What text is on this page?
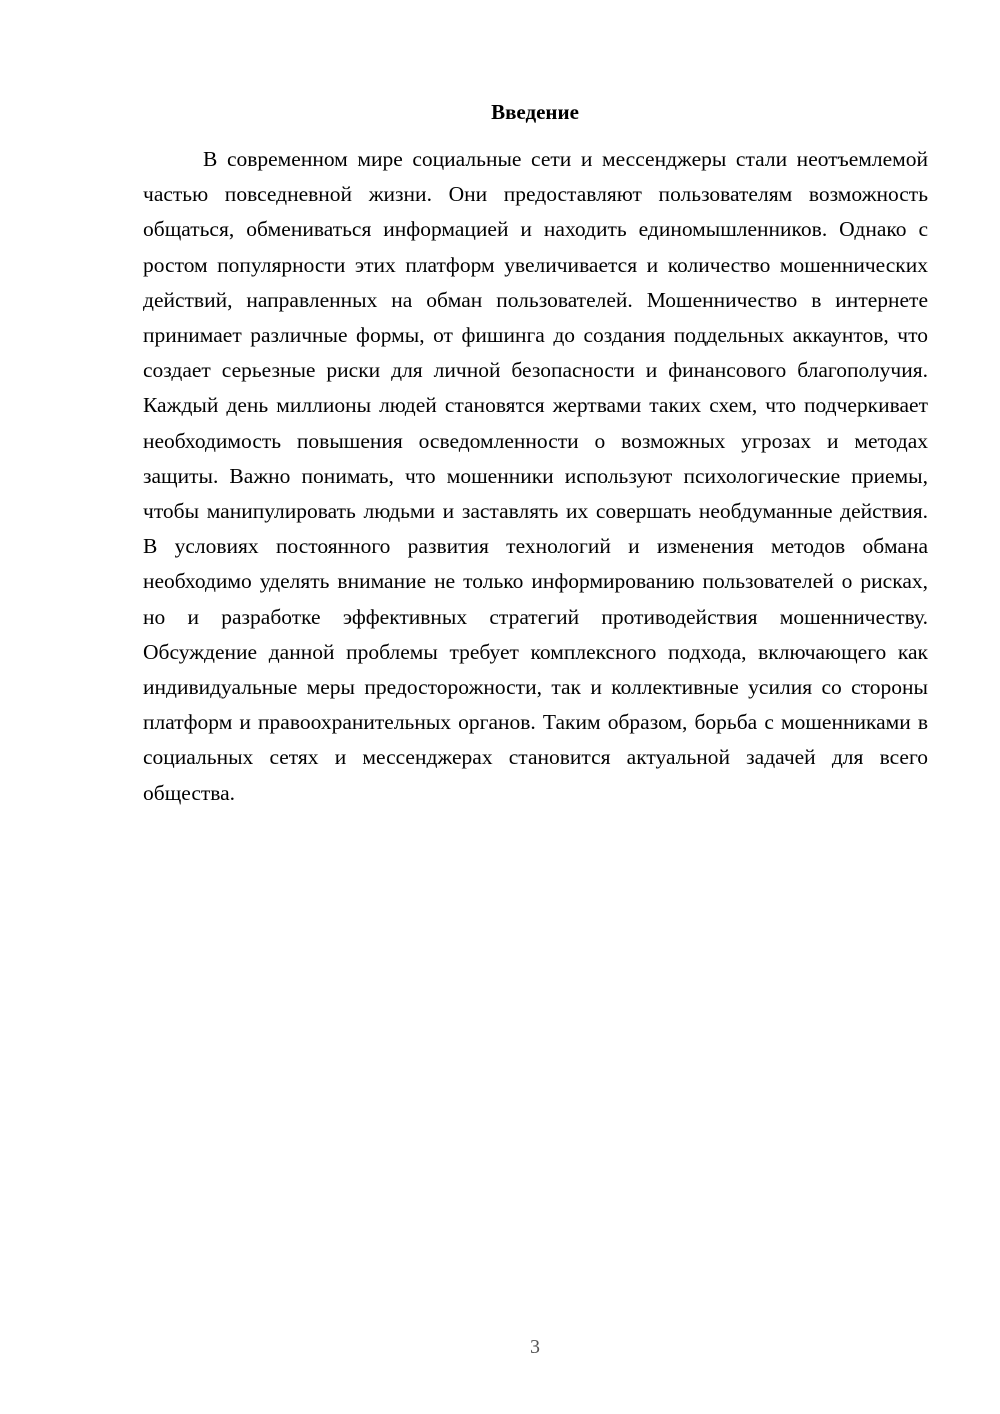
Введение

В современном мире социальные сети и мессенджеры стали неотъемлемой частью повседневной жизни. Они предоставляют пользователям возможность общаться, обмениваться информацией и находить единомышленников. Однако с ростом популярности этих платформ увеличивается и количество мошеннических действий, направленных на обман пользователей. Мошенничество в интернете принимает различные формы, от фишинга до создания поддельных аккаунтов, что создает серьезные риски для личной безопасности и финансового благополучия. Каждый день миллионы людей становятся жертвами таких схем, что подчеркивает необходимость повышения осведомленности о возможных угрозах и методах защиты. Важно понимать, что мошенники используют психологические приемы, чтобы манипулировать людьми и заставлять их совершать необдуманные действия. В условиях постоянного развития технологий и изменения методов обмана необходимо уделять внимание не только информированию пользователей о рисках, но и разработке эффективных стратегий противодействия мошенничеству. Обсуждение данной проблемы требует комплексного подхода, включающего как индивидуальные меры предосторожности, так и коллективные усилия со стороны платформ и правоохранительных органов. Таким образом, борьба с мошенниками в социальных сетях и мессенджерах становится актуальной задачей для всего общества.

3
